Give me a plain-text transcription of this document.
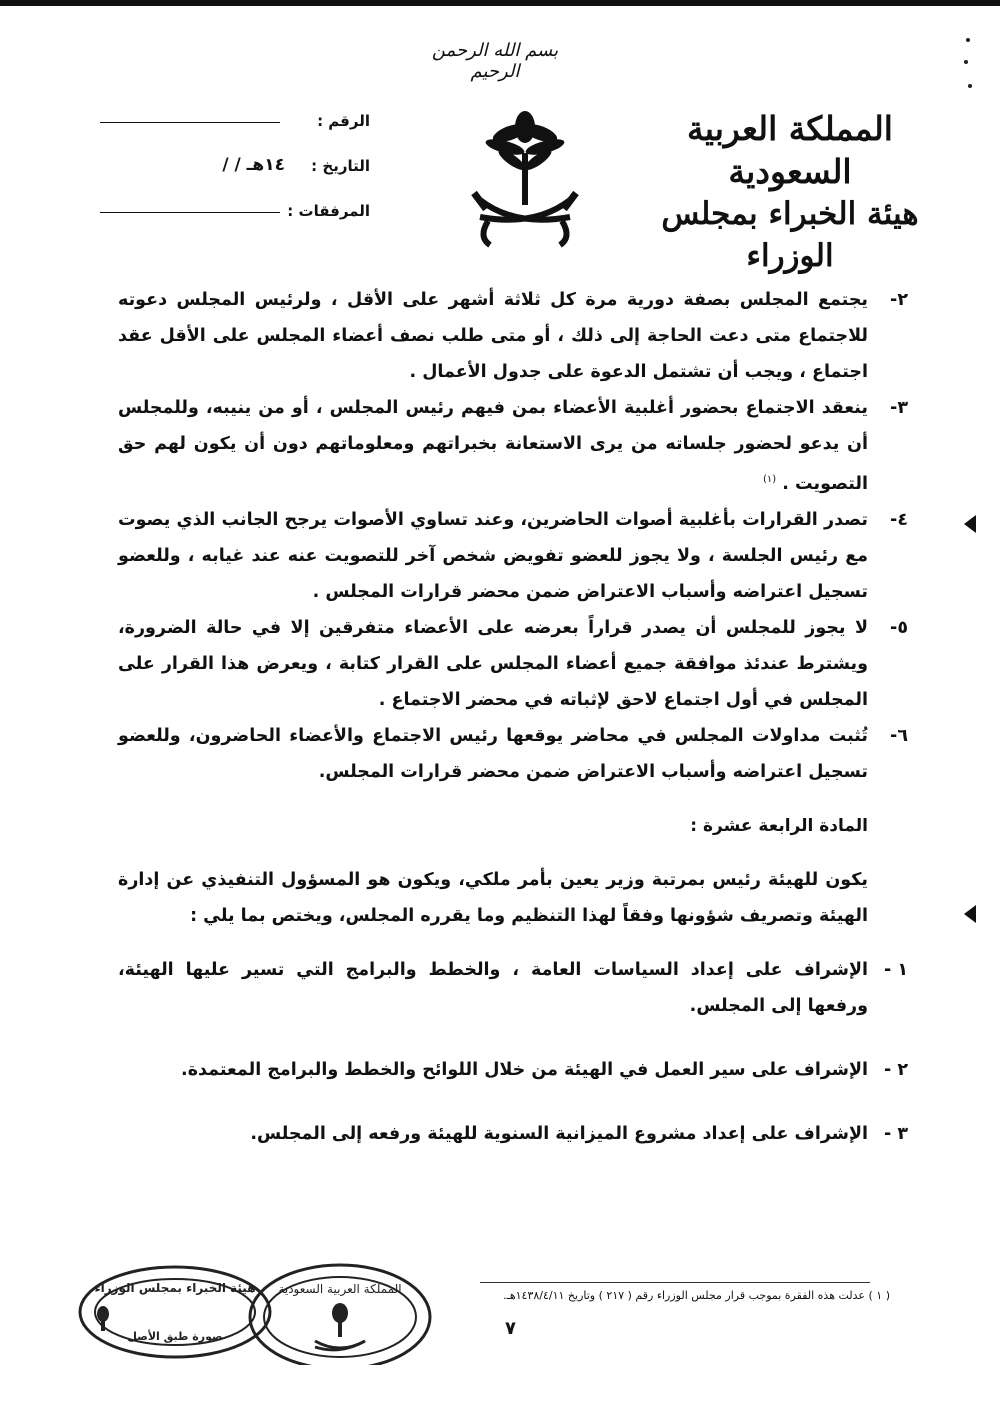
بسم الله الرحمن الرحيم
المملكة العربية السعودية
هيئة الخبراء بمجلس الوزراء
الرقم :
التاريخ :
/ / ١٤هـ
المرفقات :

٢-
يجتمع المجلس بصفة دورية مرة كل ثلاثة أشهر على الأقل ، ولرئيس المجلس دعوته للاجتماع متى دعت الحاجة إلى ذلك ، أو متى طلب نصف أعضاء المجلس على الأقل عقد اجتماع ، ويجب أن تشتمل الدعوة على جدول الأعمال .

٣-
ينعقد الاجتماع بحضور أغلبية الأعضاء بمن فيهم رئيس المجلس ، أو من ينيبه، وللمجلس أن يدعو لحضور جلساته من يرى الاستعانة بخبراتهم ومعلوماتهم دون أن يكون لهم حق التصويت . $^{(١)}$

٤-
تصدر القرارات بأغلبية أصوات الحاضرين، وعند تساوي الأصوات يرجح الجانب الذي يصوت مع رئيس الجلسة ، ولا يجوز للعضو تفويض شخص آخر للتصويت عنه عند غيابه ، وللعضو تسجيل اعتراضه وأسباب الاعتراض ضمن محضر قرارات المجلس .

٥-
لا يجوز للمجلس أن يصدر قراراً بعرضه على الأعضاء متفرقين إلا في حالة الضرورة، ويشترط عندئذ موافقة جميع أعضاء المجلس على القرار كتابة ، ويعرض هذا القرار على المجلس في أول اجتماع لاحق لإثباته في محضر الاجتماع .

٦-
تُثبت مداولات المجلس في محاضر يوقعها رئيس الاجتماع والأعضاء الحاضرون، وللعضو تسجيل اعتراضه وأسباب الاعتراض ضمن محضر قرارات المجلس.

المادة الرابعة عشرة :

يكون للهيئة رئيس بمرتبة وزير يعين بأمر ملكي، ويكون هو المسؤول التنفيذي عن إدارة الهيئة وتصريف شؤونها وفقاً لهذا التنظيم وما يقرره المجلس، ويختص بما يلي :

١ -
الإشراف على إعداد السياسات العامة ، والخطط والبرامج التي تسير عليها الهيئة، ورفعها إلى المجلس.

٢ -
الإشراف على سير العمل في الهيئة من خلال اللوائح والخطط والبرامج المعتمدة.

٣ -
الإشراف على إعداد مشروع الميزانية السنوية للهيئة ورفعه إلى المجلس.

( ١ ) عدلت هذه الفقرة بموجب قرار مجلس الوزراء رقم ( ٢١٧ ) وتاريخ ١٤٣٨/٤/١١هـ.
٧
المملكة العربية السعودية
هيئة الخبراء بمجلس الوزراء
صورة طبق الأصل
